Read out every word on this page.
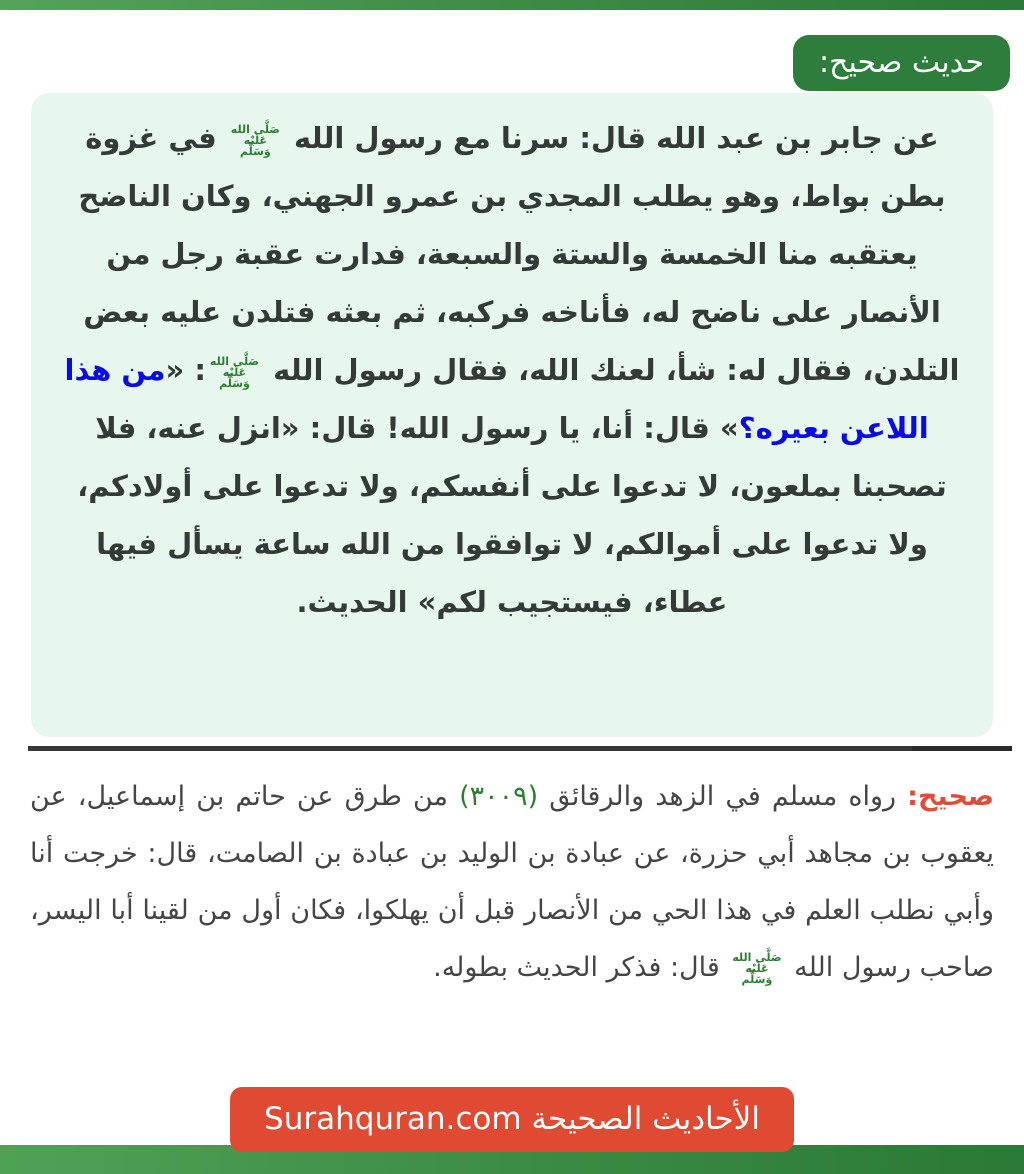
حديث صحيح:

عن جابر بن عبد الله قال: سرنا مع رسول الله
صَلَّى الله
عَلَيْه
وَسَلَّم
في غزوة بطن بواط، وهو يطلب المجدي بن عمرو الجهني، وكان الناضح يعتقبه منا الخمسة والستة والسبعة، فدارت عقبة رجل من الأنصار على ناضح له، فأناخه فركبه، ثم بعثه فتلدن عليه بعض التلدن، فقال له: شأ، لعنك الله، فقال رسول الله
صَلَّى الله
عَلَيْه
وَسَلَّم
: «من هذا اللاعن بعيره؟» قال: أنا، يا رسول الله! قال: «انزل عنه، فلا تصحبنا بملعون، لا تدعوا على أنفسكم، ولا تدعوا على أولادكم، ولا تدعوا على أموالكم، لا توافقوا من الله ساعة يسأل فيها عطاء، فيستجيب لكم» الحديث.

صحيح: رواه مسلم في الزهد والرقائق (٣٠٠٩) من طرق عن حاتم بن إسماعيل، عن يعقوب بن مجاهد أبي حزرة، عن عبادة بن الوليد بن عبادة بن الصامت، قال: خرجت أنا وأبي نطلب العلم في هذا الحي من الأنصار قبل أن يهلكوا، فكان أول من لقينا أبا اليسر، صاحب رسول الله
صَلَّى الله
عَلَيْه
وَسَلَّم
قال: فذكر الحديث بطوله.

الأحاديث الصحيحة Surahquran.com
